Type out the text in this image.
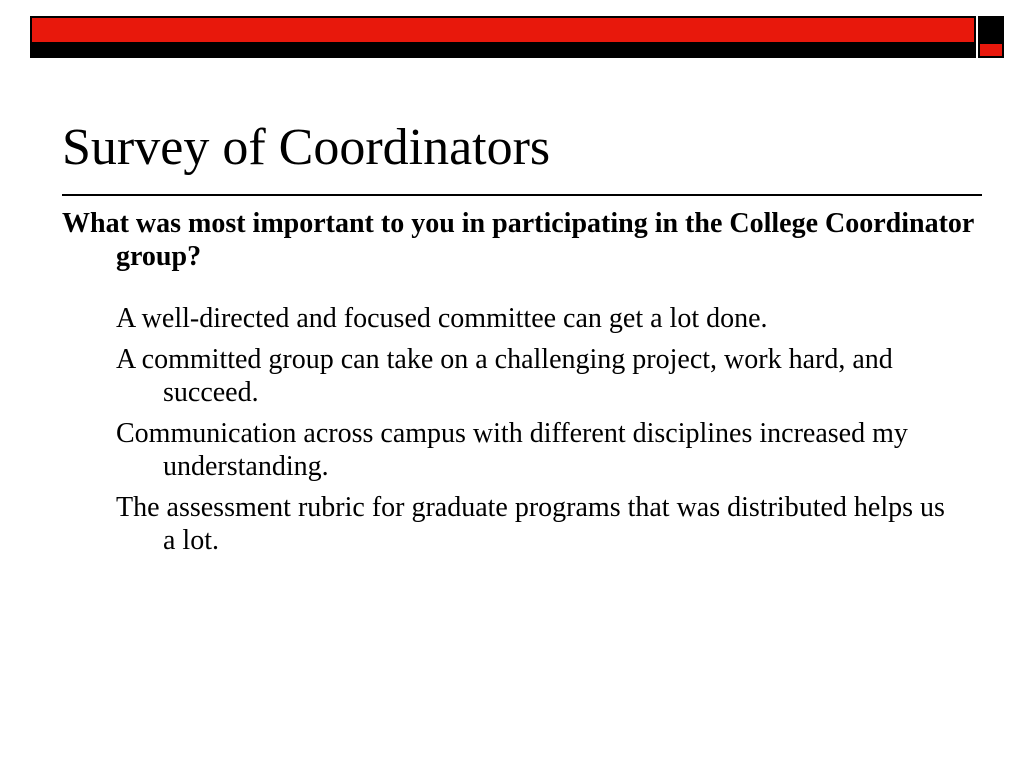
Survey of Coordinators

What was most important to you in participating in the College Coordinator group?

A well-directed and focused committee can get a lot done.
A committed group can take on a challenging project, work hard, and succeed.
Communication across campus with different disciplines increased my understanding.
The assessment rubric for graduate programs that was distributed helps us a lot.
